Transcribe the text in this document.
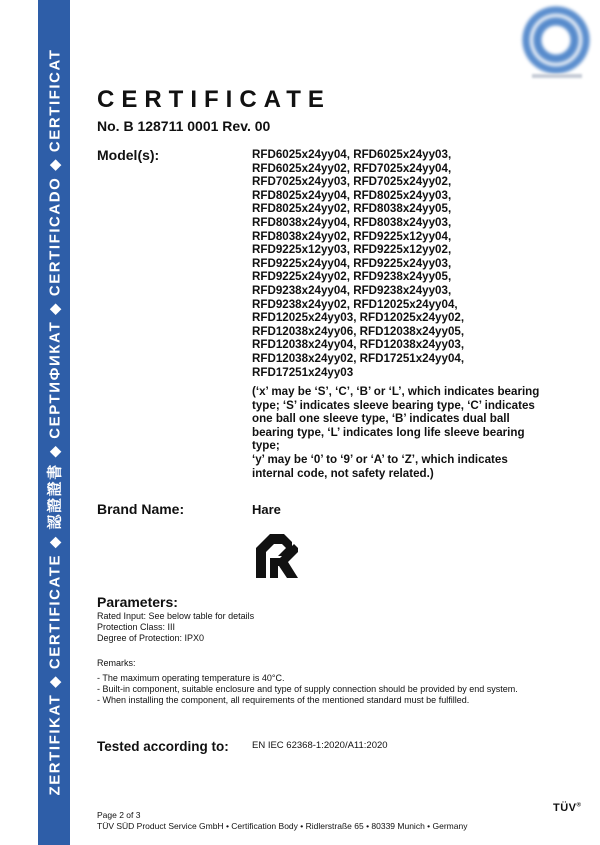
ZERTIFIKAT ◆ CERTIFICATE ◆ 認證證書 ◆ СЕРТИФИКАТ ◆ CERTIFICADO ◆ CERTIFICAT CERTIFICATE
No. B 128711 0001 Rev. 00
Model(s):	RFD6025x24yy04, RFD6025x24yy03,
RFD6025x24yy02, RFD7025x24yy04,
RFD7025x24yy03, RFD7025x24yy02,
RFD8025x24yy04, RFD8025x24yy03,
RFD8025x24yy02, RFD8038x24yy05,
RFD8038x24yy04, RFD8038x24yy03,
RFD8038x24yy02, RFD9225x12yy04,
RFD9225x12yy03, RFD9225x12yy02,
RFD9225x24yy04, RFD9225x24yy03,
RFD9225x24yy02, RFD9238x24yy05,
RFD9238x24yy04, RFD9238x24yy03,
RFD9238x24yy02, RFD12025x24yy04,
RFD12025x24yy03, RFD12025x24yy02,
RFD12038x24yy06, RFD12038x24yy05,
RFD12038x24yy04, RFD12038x24yy03,
RFD12038x24yy02, RFD17251x24yy04,
RFD17251x24yy03

(‘x’ may be ‘S’, ‘C’, ‘B’ or ‘L’, which indicates bearing type; ‘S’ indicates sleeve bearing type, ‘C’ indicates one ball one sleeve type, ‘B’ indicates dual ball bearing type, ‘L’ indicates long life sleeve bearing type;

‘y’ may be ‘0’ to ‘9’ or ‘A’ to ‘Z’, which indicates internal code, not safety related.)

Brand Name:	Hare
Parameters:
Rated Input: See below table for details
Protection Class: III
Degree of Protection: IPX0
Remarks:
- The maximum operating temperature is 40°C.
- Built-in component, suitable enclosure and type of supply connection should be provided by end system.
- When installing the component, all requirements of the mentioned standard must be fulfilled.
Tested according to: EN IEC 62368-1:2020/A11:2020
Page 2 of 3
TÜV SÜD Product Service GmbH • Certification Body • Ridlerstraße 65 • 80339 Munich • Germany
TÜV®
